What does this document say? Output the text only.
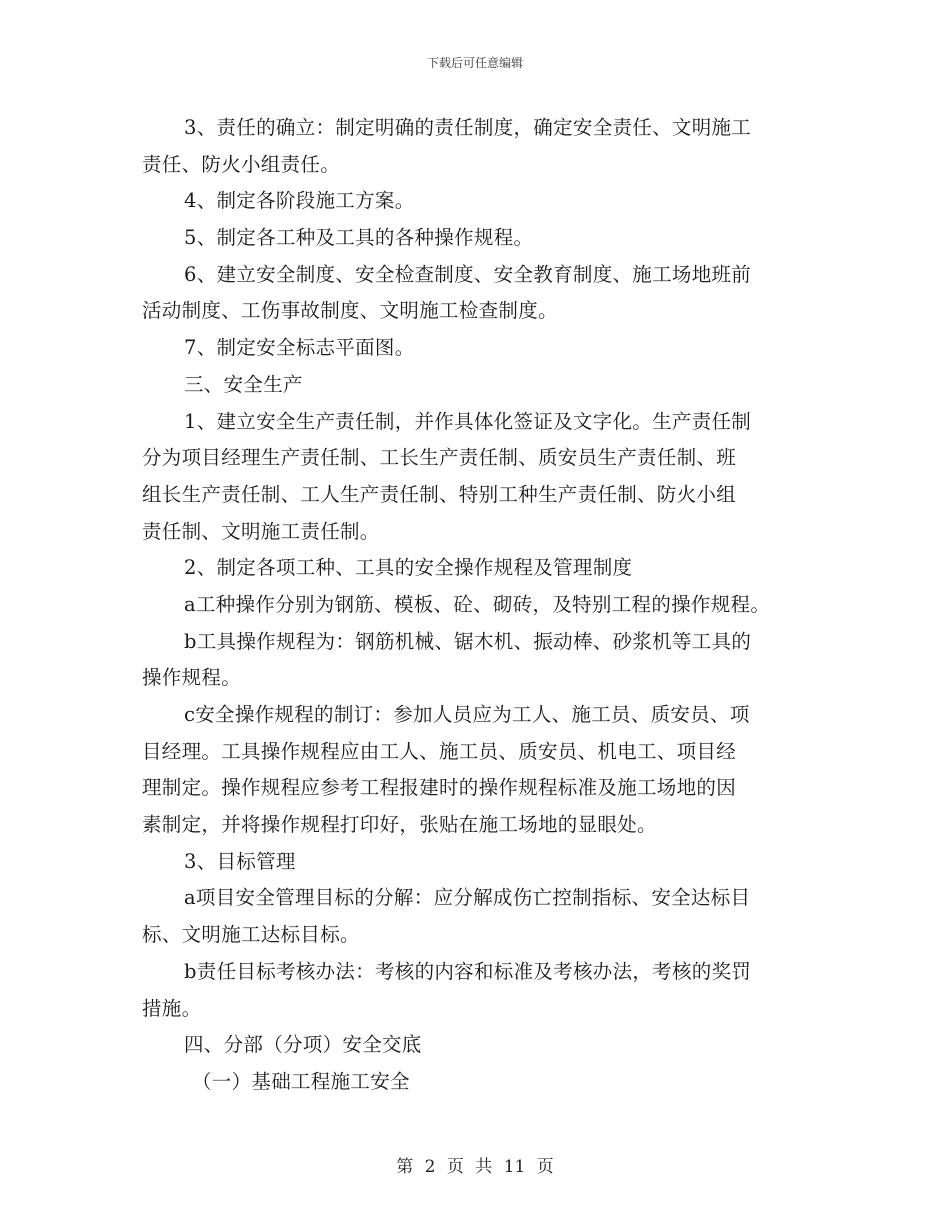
下载后可任意编辑
3、责任的确立：制定明确的责任制度，确定安全责任、文明施工
责任、防火小组责任。
4、制定各阶段施工方案。
5、制定各工种及工具的各种操作规程。
6、建立安全制度、安全检查制度、安全教育制度、施工场地班前
活动制度、工伤事故制度、文明施工检查制度。
7、制定安全标志平面图。
三、安全生产
1、建立安全生产责任制，并作具体化签证及文字化。生产责任制
分为项目经理生产责任制、工长生产责任制、质安员生产责任制、班
组长生产责任制、工人生产责任制、特别工种生产责任制、防火小组
责任制、文明施工责任制。
2、制定各项工种、工具的安全操作规程及管理制度
a工种操作分别为钢筋、模板、砼、砌砖，及特别工程的操作规程。
b工具操作规程为：钢筋机械、锯木机、振动棒、砂浆机等工具的
操作规程。
c安全操作规程的制订：参加人员应为工人、施工员、质安员、项
目经理。工具操作规程应由工人、施工员、质安员、机电工、项目经
理制定。操作规程应参考工程报建时的操作规程标准及施工场地的因
素制定，并将操作规程打印好，张贴在施工场地的显眼处。
3、目标管理
a项目安全管理目标的分解：应分解成伤亡控制指标、安全达标目
标、文明施工达标目标。
b责任目标考核办法：考核的内容和标准及考核办法，考核的奖罚
措施。
四、分部（分项）安全交底
（一）基础工程施工安全
第 2 页 共 11 页
